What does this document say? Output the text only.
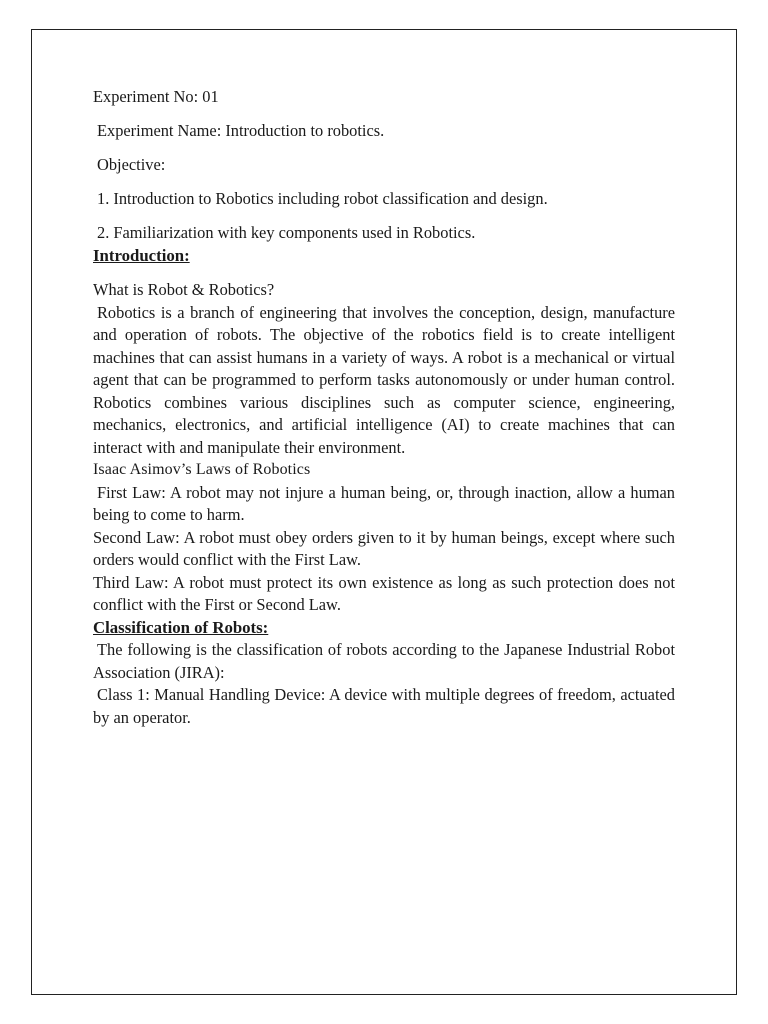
Experiment No: 01

Experiment Name: Introduction to robotics.

Objective:

1. Introduction to Robotics including robot classification and design.

2. Familiarization with key components used in Robotics.

Introduction:

What is Robot & Robotics?

Robotics is a branch of engineering that involves the conception, design, manufacture and operation of robots. The objective of the robotics field is to create intelligent machines that can assist humans in a variety of ways. A robot is a mechanical or virtual agent that can be programmed to perform tasks autonomously or under human control. Robotics combines various disciplines such as computer science, engineering, mechanics, electronics, and artificial intelligence (AI) to create machines that can interact with and manipulate their environment.

Isaac Asimov’s Laws of Robotics

First Law: A robot may not injure a human being, or, through inaction, allow a human being to come to harm.

Second Law: A robot must obey orders given to it by human beings, except where such orders would conflict with the First Law.

Third Law: A robot must protect its own existence as long as such protection does not conflict with the First or Second Law.

Classification of Robots:

The following is the classification of robots according to the Japanese Industrial Robot Association (JIRA):

Class 1: Manual Handling Device: A device with multiple degrees of freedom, actuated by an operator.
